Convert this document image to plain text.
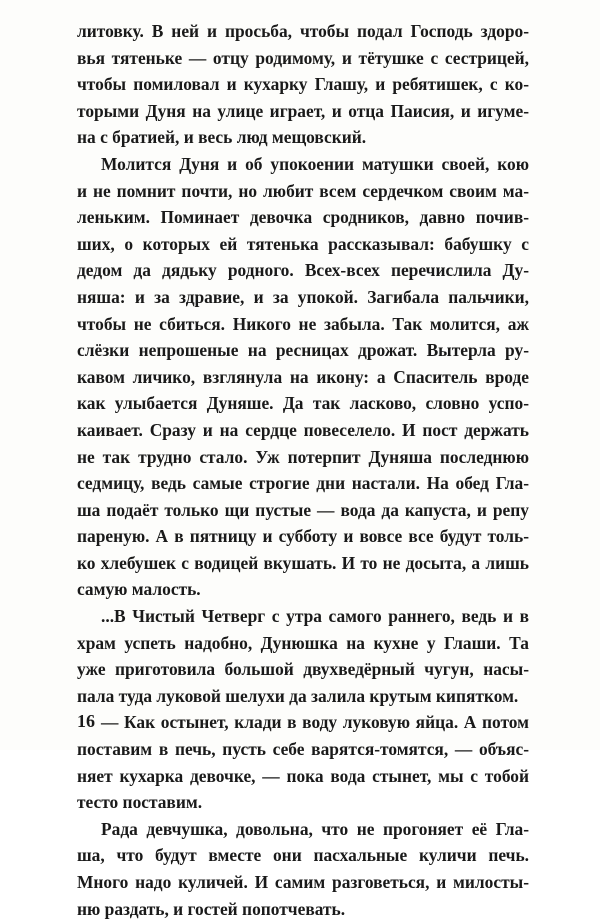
литовку. В ней и просьба, чтобы подал Господь здоро-
вья тятеньке — отцу родимому, и тётушке с сестрицей,
чтобы помиловал и кухарку Глашу, и ребятишек, с ко-
торыми Дуня на улице играет, и отца Паисия, и игуме-
на с братией, и весь люд мещовский.
Молится Дуня и об упокоении матушки своей, кою
и не помнит почти, но любит всем сердечком своим ма-
леньким. Поминает девочка сродников, давно почив-
ших, о которых ей тятенька рассказывал: бабушку с
дедом да дядьку родного. Всех-всех перечислила Ду-
няша: и за здравие, и за упокой. Загибала пальчики,
чтобы не сбиться. Никого не забыла. Так молится, аж
слёзки непрошеные на ресницах дрожат. Вытерла ру-
кавом личико, взглянула на икону: а Спаситель вроде
как улыбается Дуняше. Да так ласково, словно успо-
каивает. Сразу и на сердце повеселело. И пост держать
не так трудно стало. Уж потерпит Дуняша последнюю
седмицу, ведь самые строгие дни настали. На обед Гла-
ша подаёт только щи пустые — вода да капуста, и репу
пареную. А в пятницу и субботу и вовсе все будут толь-
ко хлебушек с водицей вкушать. И то не досыта, а лишь
самую малость.
...В Чистый Четверг с утра самого раннего, ведь и в
храм успеть надобно, Дунюшка на кухне у Глаши. Та
уже приготовила большой двухведёрный чугун, насы-
пала туда луковой шелухи да залила крутым кипятком.
— Как остынет, клади в воду луковую яйца. А потом
поставим в печь, пусть себе варятся-томятся, — объяс-
няет кухарка девочке, — пока вода стынет, мы с тобой
тесто поставим.
Рада девчушка, довольна, что не прогоняет её Гла-
ша, что будут вместе они пасхальные куличи печь.
Много надо куличей. И самим разговеться, и милосты-
ню раздать, и гостей попотчевать.
16
